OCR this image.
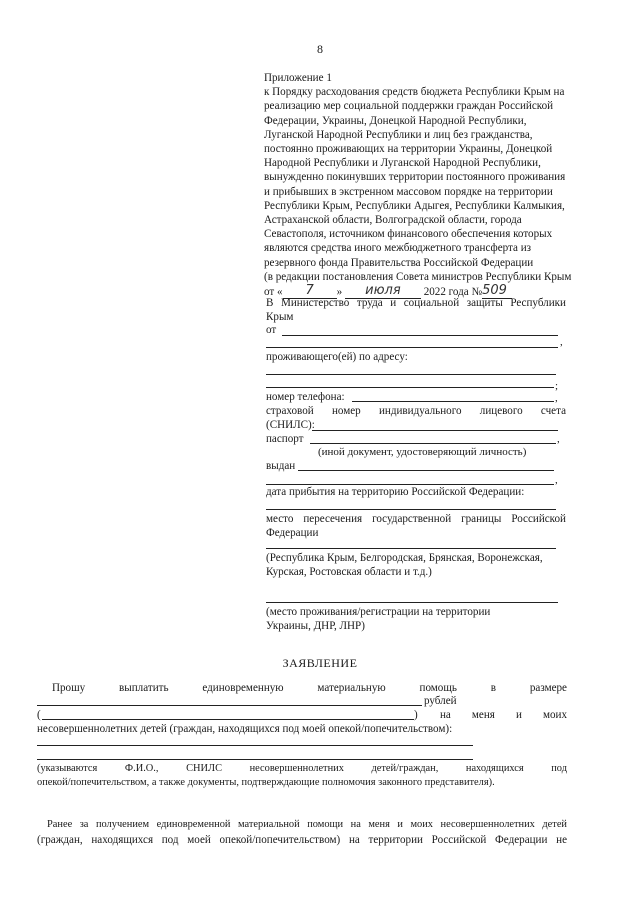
8
Приложение 1
к Порядку расходования средств бюджета Республики Крым на
реализацию мер социальной поддержки граждан Российской
Федерации, Украины, Донецкой Народной Республики,
Луганской Народной Республики и лиц без гражданства,
постоянно проживающих на территории Украины, Донецкой
Народной Республики и Луганской Народной Республики,
вынужденно покинувших территории постоянного проживания
и прибывших в экстренном массовом порядке на территории
Республики Крым, Республики Адыгея, Республики Калмыкия,
Астраханской области, Волгоградской области, города
Севастополя, источником финансового обеспечения которых
являются средства иного межбюджетного трансферта из
резервного фонда Правительства Российской Федерации
(в редакции постановления Совета министров Республики Крым
от « 7 » июля 2022 года №509
В Министерство труда и социальной защиты Республики
Крым
от
,
проживающего(ей) по адресу:
;
номер телефона:	,
страховой номер индивидуального лицевого счета
(СНИЛС):
паспорт	,
(иной документ, удостоверяющий личность)
выдан
,
дата прибытия на территорию Российской Федерации:
место пересечения государственной границы Российской
Федерации
(Республика Крым, Белгородская, Брянская, Воронежская,
Курская, Ростовская области и т.д.)
(место проживания/регистрации на территории
Украины, ДНР, ЛНР)
ЗАЯВЛЕНИЕ
Прошу выплатить единовременную материальную помощь в размере
рублей
(	)	на меня и моих
несовершеннолетних детей (граждан, находящихся под моей опекой/попечительством):
(указываются Ф.И.О., СНИЛС несовершеннолетних детей/граждан, находящихся под
опекой/попечительством, а также документы, подтверждающие полномочия законного представителя).
Ранее за получением единовременной материальной помощи на меня и моих несовершеннолетних детей
(граждан, находящихся под моей опекой/попечительством) на территории Российской Федерации не
